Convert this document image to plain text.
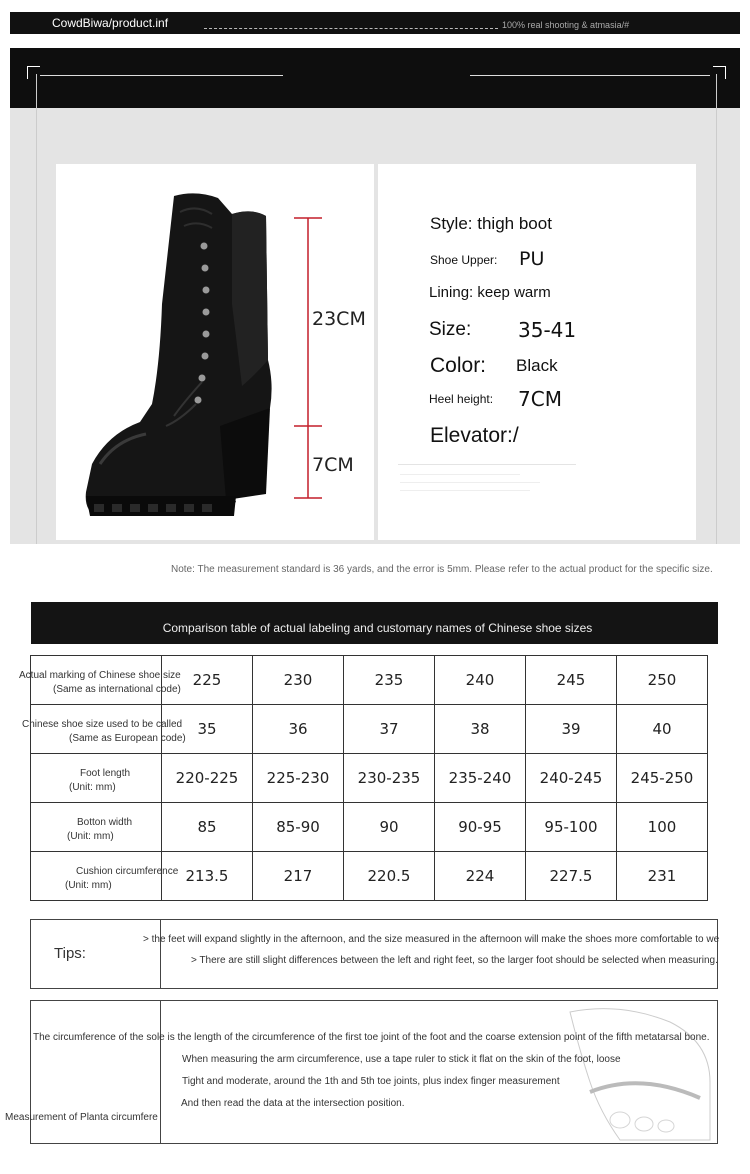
CowdBiwa/product.inf	100% real shooting & atmasia/#
23CM
7CM
Style: thigh boot
Shoe Upper: PU
Lining: keep warm
Size: 35-41
Color: Black
Heel height: 7CM
Elevator:/
Note: The measurement standard is 36 yards, and the error is 5mm. Please refer to the actual product for the specific size.
Comparison table of actual labeling and customary names of Chinese shoe sizes
Actual marking of Chinese shoe size
(Same as international code)	225	230	235	240	245	250

Chinese shoe size used to be called
(Same as European code)	35	36	37	38	39	40

Foot length
(Unit: mm)	220-225	225-230	230-235	235-240	240-245	245-250

Botton width
(Unit: mm)	85	85-90	90	90-95	95-100	100

Cushion circumference
(Unit: mm)	213.5	217	220.5	224	227.5	231
Tips:
> the feet will expand slightly in the afternoon, and the size measured in the afternoon will make the shoes more comfortable to we
> There are still slight differences between the left and right feet, so the larger foot should be selected when measuring.
The circumference of the sole is the length of the circumference of the first toe joint of the foot and the coarse extension point of the fifth metatarsal bone.
When measuring the arm circumference, use a tape ruler to stick it flat on the skin of the foot, loose
Tight and moderate, around the 1th and 5th toe joints, plus index finger measurement
And then read the data at the intersection position.
Measurement of Planta circumfere
